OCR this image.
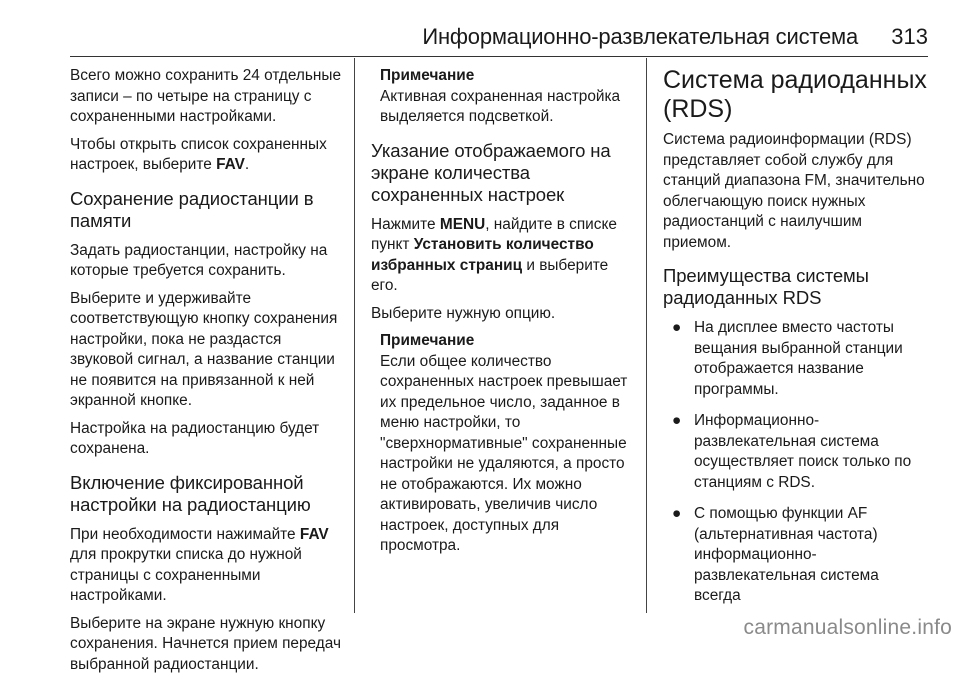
Информационно-развлекательная система 313

Всего можно сохранить 24 отдельные записи – по четыре на страницу с сохраненными настройками.

Чтобы открыть список сохраненных настроек, выберите FAV.

Сохранение радиостанции в памяти

Задать радиостанции, настройку на которые требуется сохранить.

Выберите и удерживайте соответствующую кнопку сохранения настройки, пока не раздастся звуковой сигнал, а название станции не появится на привязанной к ней экранной кнопке.

Настройка на радиостанцию будет сохранена.

Включение фиксированной настройки на радиостанцию

При необходимости нажимайте FAV для прокрутки списка до нужной страницы с сохраненными настройками.

Выберите на экране нужную кнопку сохранения. Начнется прием передач выбранной радиостанции.

Примечание
Активная сохраненная настройка выделяется подсветкой.
Указание отображаемого на экране количества сохраненных настроек

Нажмите MENU, найдите в списке пункт Установить количество избранных страниц и выберите его.

Выберите нужную опцию.

Примечание
Если общее количество сохраненных настроек превышает их предельное число, заданное в меню настройки, то "сверхнормативные" сохраненные настройки не удаляются, а просто не отображаются. Их можно активировать, увеличив число настроек, доступных для просмотра.
Система радиоданных (RDS)

Система радиоинформации (RDS) представляет собой службу для станций диапазона FM, значительно облегчающую поиск нужных радиостанций с наилучшим приемом.

Преимущества системы радиоданных RDS
● На дисплее вместо частоты вещания выбранной станции отображается название программы.
● Информационно-развлекательная система осуществляет поиск только по станциям с RDS.
● С помощью функции AF (альтернативная частота) информационно-развлекательная система всегда
carmanualsonline.info
